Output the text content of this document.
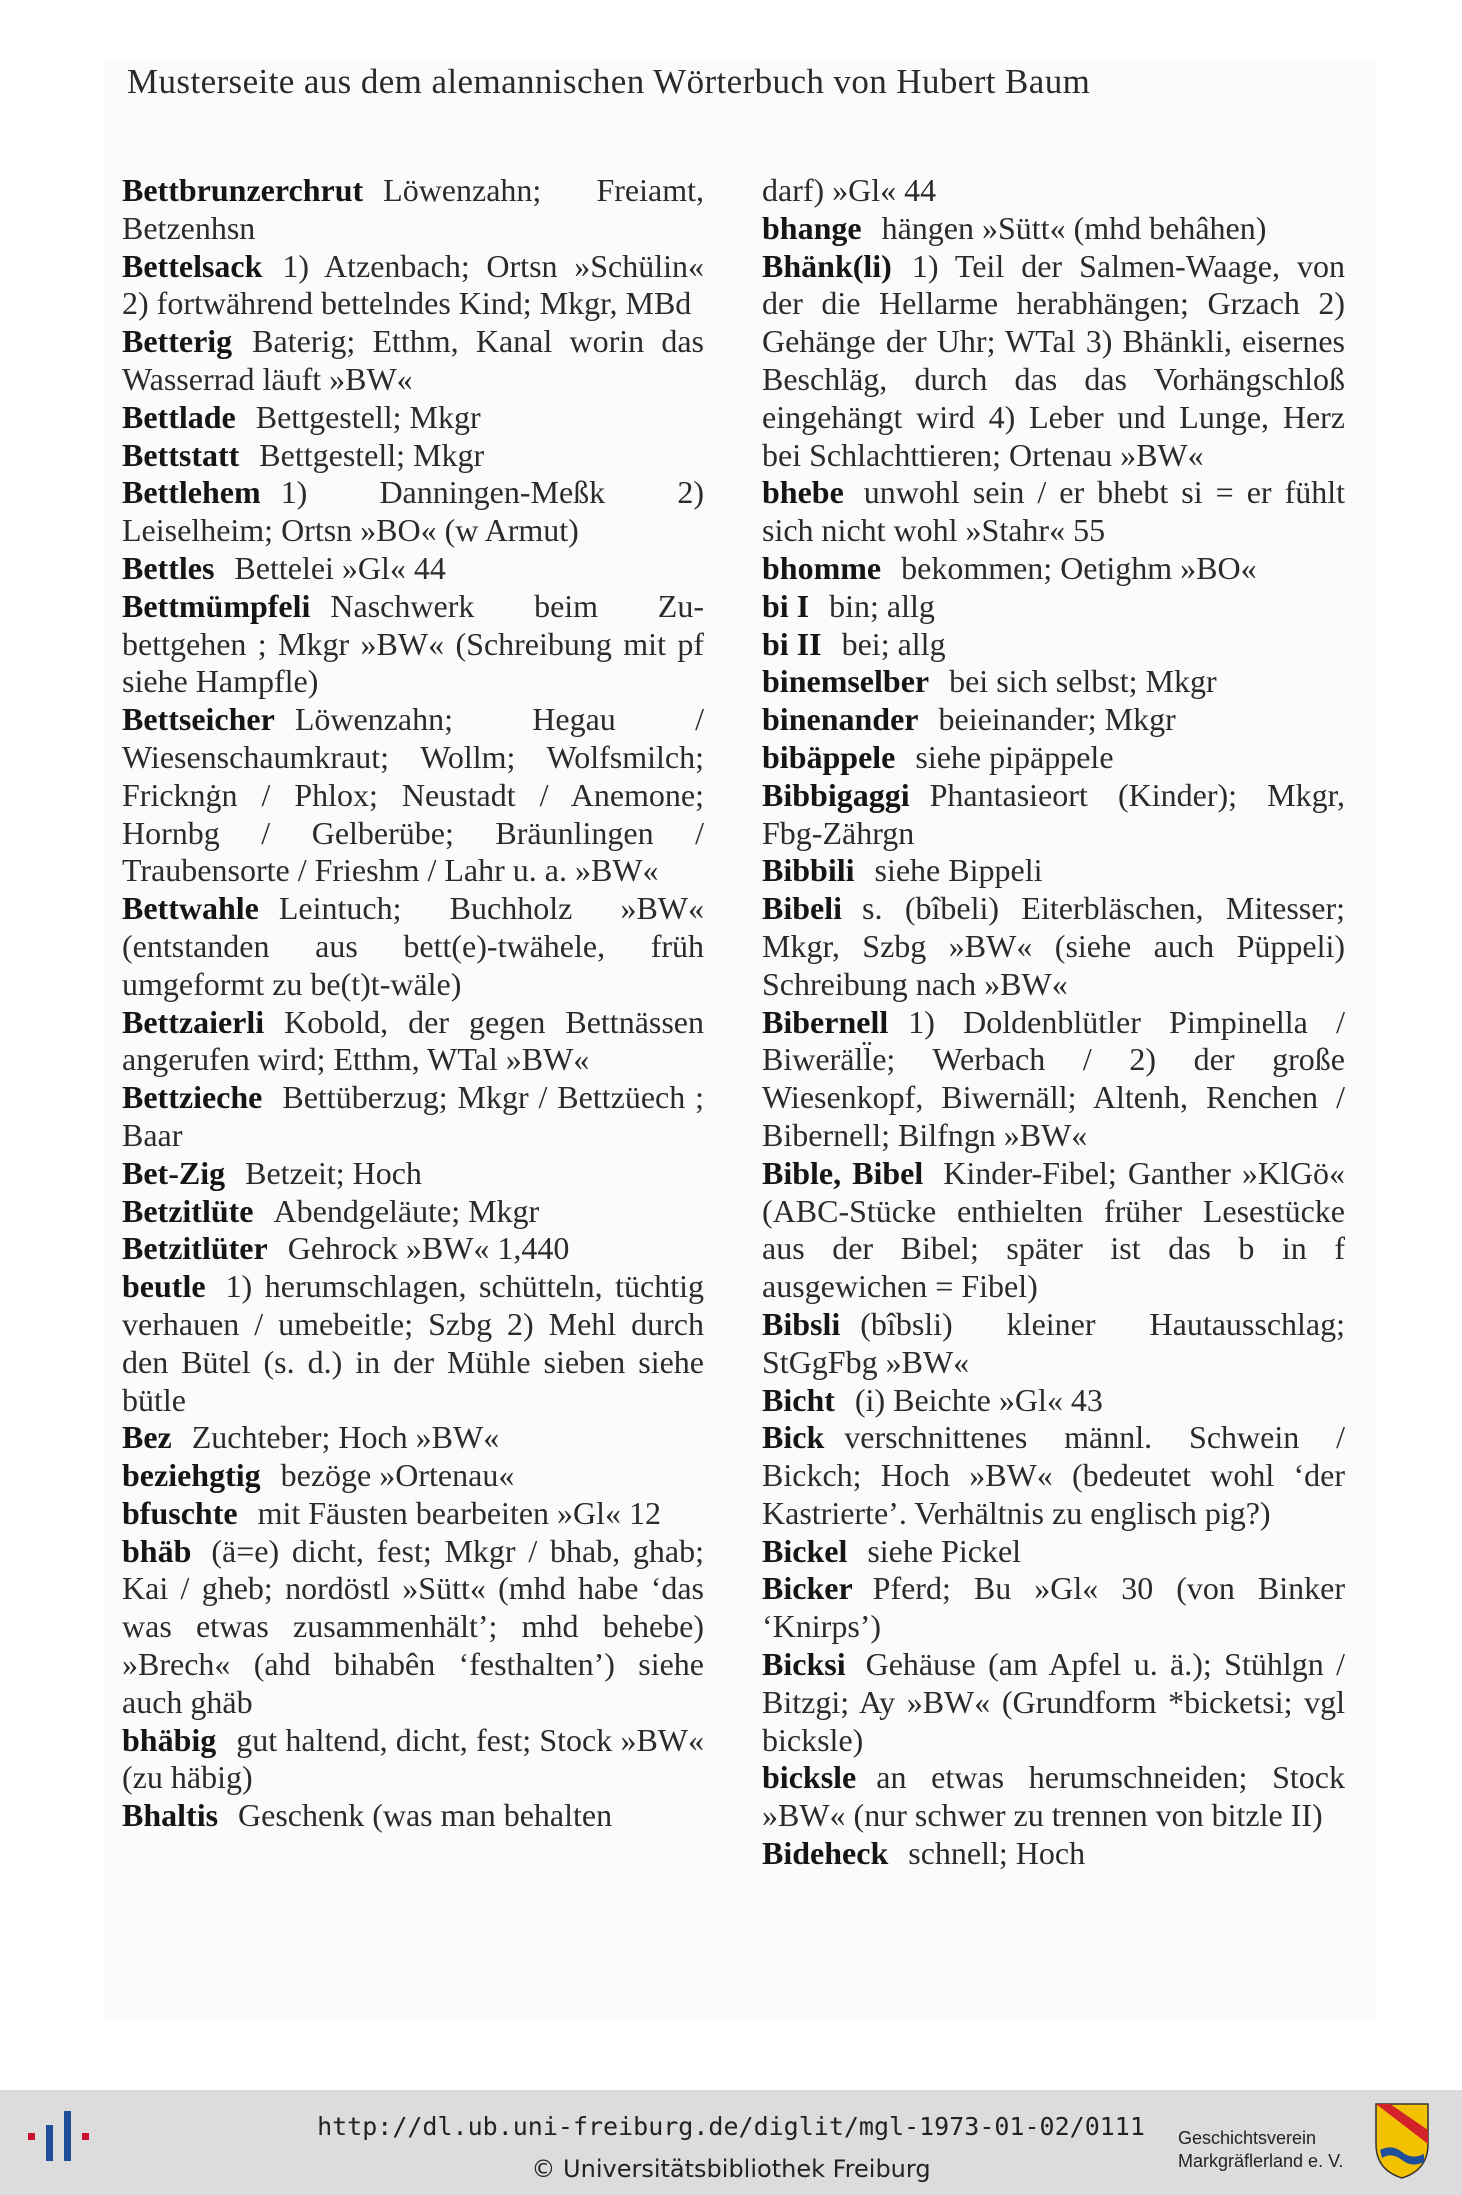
Musterseite aus dem alemannischen Wörterbuch von Hubert Baum

Bettbrunzerchrut Löwenzahn; Freiamt, Betzenhsn

Bettelsack 1) Atzenbach; Ortsn »Schülin« 2) fortwährend bettelndes Kind; Mkgr, MBd

Betterig Baterig; Etthm, Kanal worin das Wasserrad läuft »BW«

Bettlade Bettgestell; Mkgr

Bettstatt Bettgestell; Mkgr

Bettlehem 1) Danningen-Meßk 2) Leiselheim; Ortsn »BO« (w Armut)

Bettles Bettelei »Gl« 44

Bettmümpfeli Naschwerk beim Zubettgehen ; Mkgr »BW« (Schreibung mit pf siehe Hampfle)

Bettseicher Löwenzahn; Hegau / Wiesenschaumkraut; Wollm; Wolfsmilch; Fricknġn / Phlox; Neustadt / Anemone; Hornbg / Gelberübe; Bräunlingen / Traubensorte / Frieshm / Lahr u. a. »BW«

Bettwahle Leintuch; Buchholz »BW« (entstanden aus bett(e)-twähele, früh umgeformt zu be(t)t-wäle)

Bettzaierli Kobold, der gegen Bettnässen angerufen wird; Etthm, WTal »BW«

Bettzieche Bettüberzug; Mkgr / Bettzüech ; Baar

Bet-Zig Betzeit; Hoch

Betzitlüte Abendgeläute; Mkgr

Betzitlüter Gehrock »BW« 1,440

beutle 1) herumschlagen, schütteln, tüchtig verhauen / umebeitle; Szbg 2) Mehl durch den Bütel (s. d.) in der Mühle sieben siehe bütle

Bez Zuchteber; Hoch »BW«

beziehgtig bezöge »Ortenau«

bfuschte mit Fäusten bearbeiten »Gl« 12

bhäb (ä=e) dicht, fest; Mkgr / bhab, ghab; Kai / gheb; nordöstl »Sütt« (mhd habe ‘das was etwas zusammenhält’; mhd behebe) »Brech« (ahd bihabên ‘festhalten’) siehe auch ghäb

bhäbig gut haltend, dicht, fest; Stock »BW« (zu häbig)

Bhaltis Geschenk (was man behalten

darf) »Gl« 44

bhange hängen »Sütt« (mhd behâhen)

Bhänk(li) 1) Teil der Salmen-Waage, von der die Hellarme herabhängen; Grzach 2) Gehänge der Uhr; WTal 3) Bhänkli, eisernes Beschläg, durch das das Vorhängschloß eingehängt wird 4) Leber und Lunge, Herz bei Schlachttieren; Ortenau »BW«

bhebe unwohl sein / er bhebt si = er fühlt sich nicht wohl »Stahr« 55

bhomme bekommen; Oetighm »BO«

bi I bin; allg

bi II bei; allg

binemselber bei sich selbst; Mkgr

binenander beieinander; Mkgr

bibäppele siehe pipäppele

Bibbigaggi Phantasieort (Kinder); Mkgr, Fbg-Zährgn

Bibbili siehe Bippeli

Bibeli s. (bîbeli) Eiterbläschen, Mitesser; Mkgr, Szbg »BW« (siehe auch Püppeli) Schreibung nach »BW«

Bibernell 1) Doldenblütler Pimpinella / Biweräll̈e; Werbach / 2) der große Wiesenkopf, Biwernäll; Altenh, Renchen / Bibernell; Bilfngn »BW«

Bible, Bibel Kinder-Fibel; Ganther »KlGö« (ABC-Stücke enthielten früher Lesestücke aus der Bibel; später ist das b in f ausgewichen = Fibel)

Bibsli (bîbsli) kleiner Hautausschlag; StGgFbg »BW«

Bicht (i) Beichte »Gl« 43

Bick verschnittenes männl. Schwein / Bickch; Hoch »BW« (bedeutet wohl ‘der Kastrierte’. Verhältnis zu englisch pig?)

Bickel siehe Pickel

Bicker Pferd; Bu »Gl« 30 (von Binker ‘Knirps’)

Bicksi Gehäuse (am Apfel u. ä.); Stühlgn / Bitzgi; Ay »BW« (Grundform *bicketsi; vgl bicksle)

bicksle an etwas herumschneiden; Stock »BW« (nur schwer zu trennen von bitzle II)

Bideheck schnell; Hoch

http://dl.ub.uni-freiburg.de/diglit/mgl-1973-01-02/0111
© Universitätsbibliothek Freiburg
Geschichtsverein
Markgräflerland e. V.
